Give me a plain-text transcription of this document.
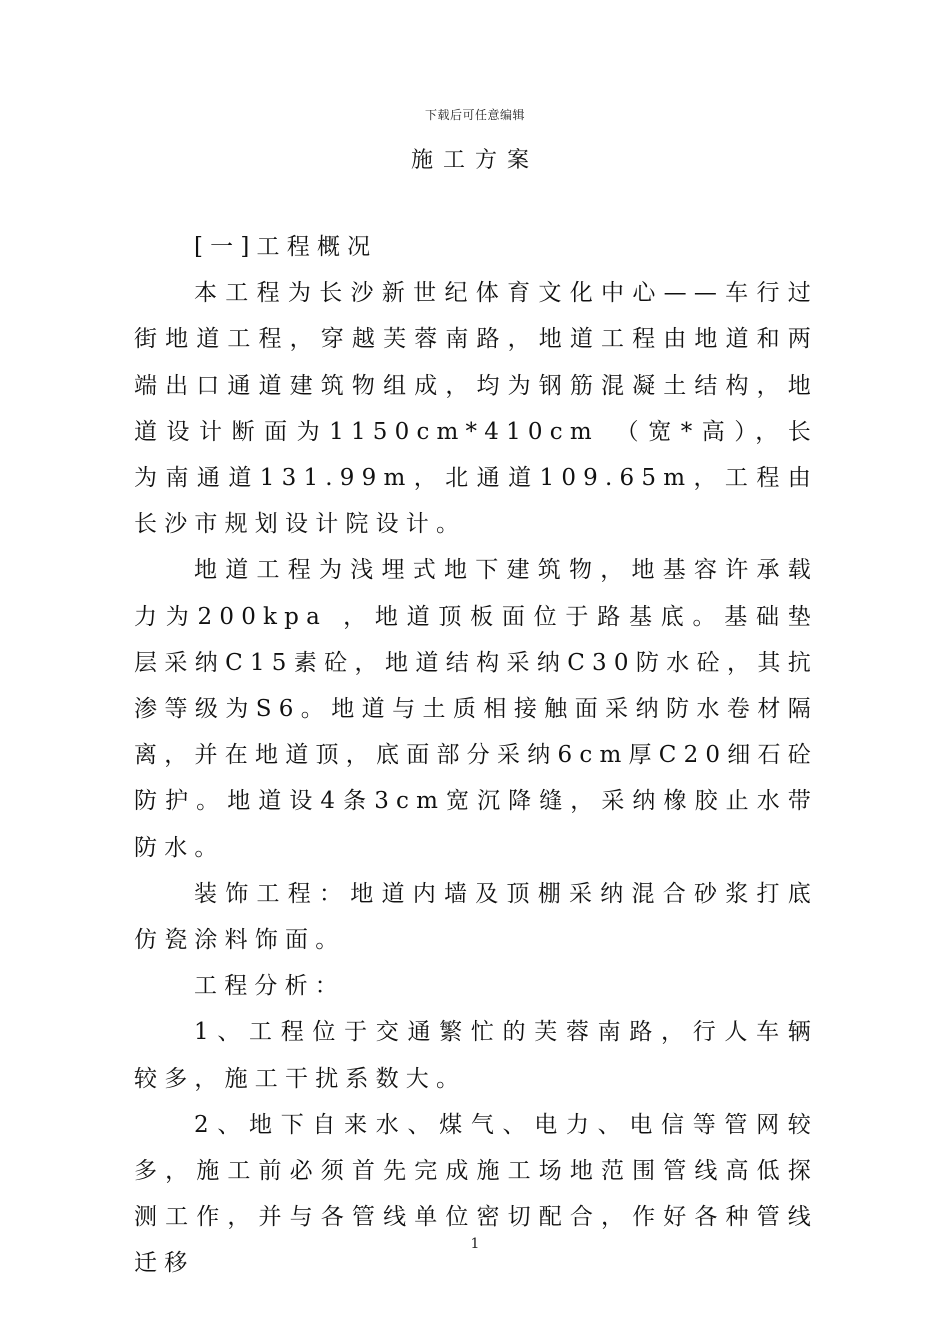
下载后可任意编辑
施工方案

[一]工程概况

本工程为长沙新世纪体育文化中心——车行过街地道工程，穿越芙蓉南路，地道工程由地道和两端出口通道建筑物组成，均为钢筋混凝土结构，地道设计断面为1150cm*410cm （宽*高），长为南通道131.99m，北通道109.65m，工程由长沙市规划设计院设计。

地道工程为浅埋式地下建筑物，地基容许承载力为200kpa ，地道顶板面位于路基底。基础垫层采纳C15素砼，地道结构采纳C30防水砼，其抗渗等级为S6。地道与土质相接触面采纳防水卷材隔离，并在地道顶，底面部分采纳6cm厚C20细石砼防护。地道设4条3cm宽沉降缝，采纳橡胶止水带防水。

装饰工程：地道内墙及顶棚采纳混合砂浆打底仿瓷涂料饰面。

工程分析：

1、工程位于交通繁忙的芙蓉南路，行人车辆较多，施工干扰系数大。

2、地下自来水、煤气、电力、电信等管网较多，施工前必须首先完成施工场地范围管线高低探测工作，并与各管线单位密切配合，作好各种管线迁移

1
